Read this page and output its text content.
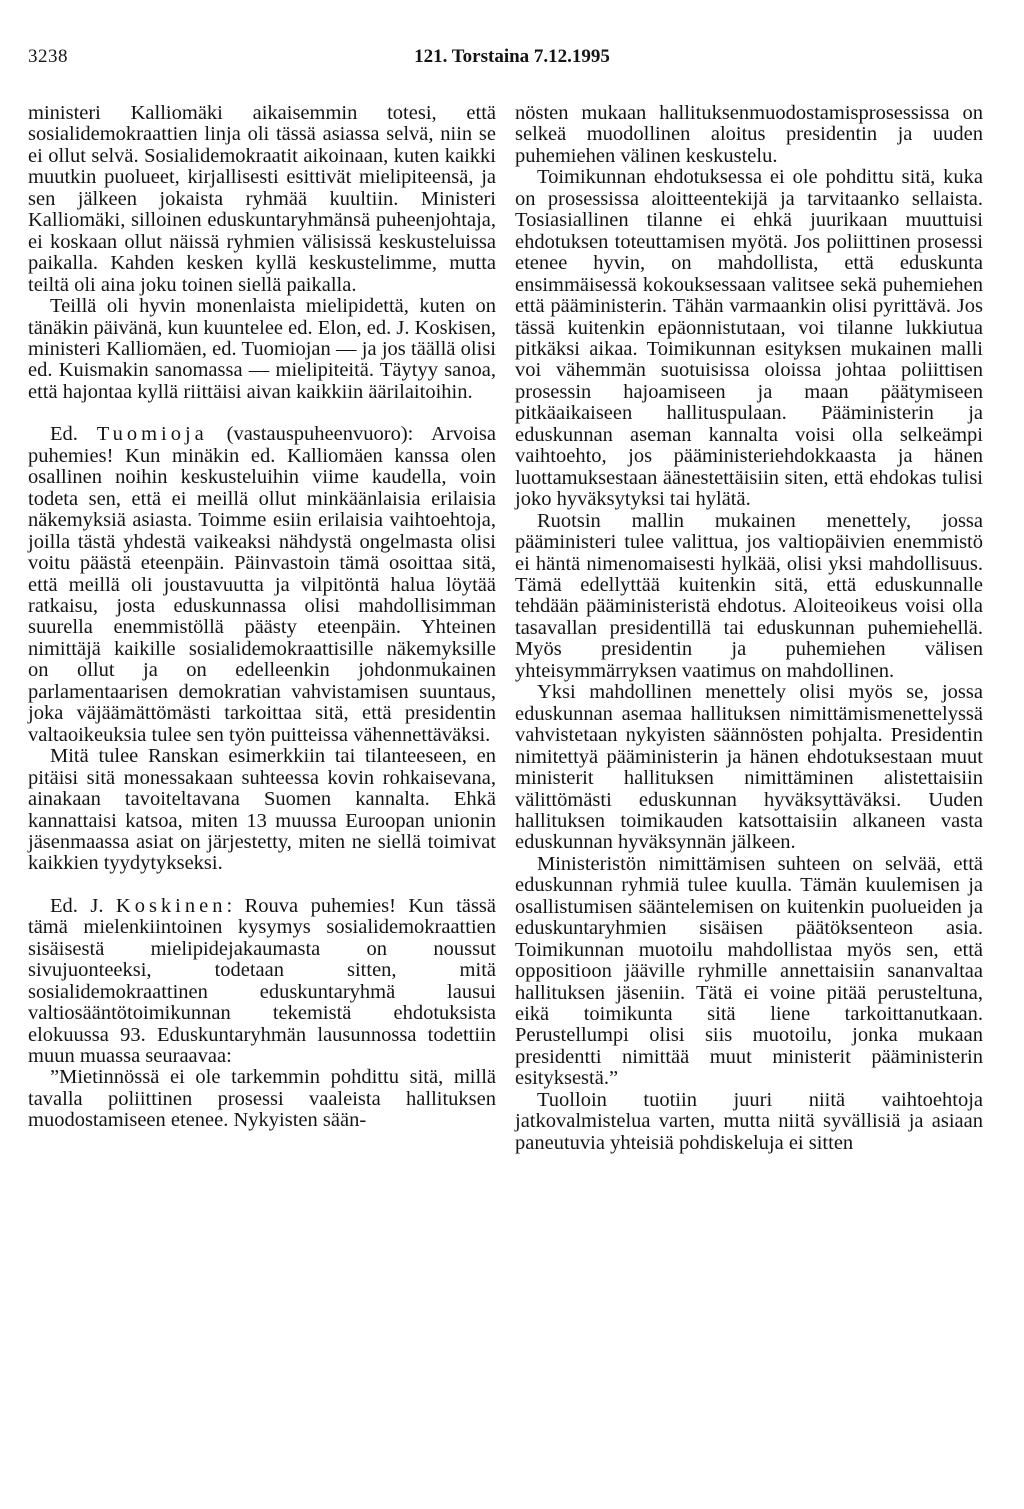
3238	121. Torstaina 7.12.1995

ministeri Kalliomäki aikaisemmin totesi, että sosialidemokraattien linja oli tässä asiassa selvä, niin se ei ollut selvä. Sosialidemokraatit aikoinaan, kuten kaikki muutkin puolueet, kirjallisesti esittivät mielipiteensä, ja sen jälkeen jokaista ryhmää kuultiin. Ministeri Kalliomäki, silloinen eduskuntaryhmänsä puheenjohtaja, ei koskaan ollut näissä ryhmien välisissä keskusteluissa paikalla. Kahden kesken kyllä keskustelimme, mutta teiltä oli aina joku toinen siellä paikalla.

Teillä oli hyvin monenlaista mielipidettä, kuten on tänäkin päivänä, kun kuuntelee ed. Elon, ed. J. Koskisen, ministeri Kalliomäen, ed. Tuomiojan — ja jos täällä olisi ed. Kuismakin sanomassa — mielipiteitä. Täytyy sanoa, että hajontaa kyllä riittäisi aivan kaikkiin äärilaitoihin.

Ed. Tuomioja (vastauspuheenvuoro): Arvoisa puhemies! Kun minäkin ed. Kalliomäen kanssa olen osallinen noihin keskusteluihin viime kaudella, voin todeta sen, että ei meillä ollut minkäänlaisia erilaisia näkemyksiä asiasta. Toimme esiin erilaisia vaihtoehtoja, joilla tästä yhdestä vaikeaksi nähdystä ongelmasta olisi voitu päästä eteenpäin. Päinvastoin tämä osoittaa sitä, että meillä oli joustavuutta ja vilpitöntä halua löytää ratkaisu, josta eduskunnassa olisi mahdollisimman suurella enemmistöllä päästy eteenpäin. Yhteinen nimittäjä kaikille sosialidemokraattisille näkemyksille on ollut ja on edelleenkin johdonmukainen parlamentaarisen demokratian vahvistamisen suuntaus, joka väjäämättömästi tarkoittaa sitä, että presidentin valtaoikeuksia tulee sen työn puitteissa vähennettäväksi.

Mitä tulee Ranskan esimerkkiin tai tilanteeseen, en pitäisi sitä monessakaan suhteessa kovin rohkaisevana, ainakaan tavoiteltavana Suomen kannalta. Ehkä kannattaisi katsoa, miten 13 muussa Euroopan unionin jäsenmaassa asiat on järjestetty, miten ne siellä toimivat kaikkien tyydytykseksi.

Ed. J. Koskinen: Rouva puhemies! Kun tässä tämä mielenkiintoinen kysymys sosialidemokraattien sisäisestä mielipidejakaumasta on noussut sivujuonteeksi, todetaan sitten, mitä sosialidemokraattinen eduskuntaryhmä lausui valtiosääntötoimikunnan tekemistä ehdotuksista elokuussa 93. Eduskuntaryhmän lausunnossa todettiin muun muassa seuraavaa:

”Mietinnössä ei ole tarkemmin pohdittu sitä, millä tavalla poliittinen prosessi vaaleista hallituksen muodostamiseen etenee. Nykyisten sään-

nösten mukaan hallituksenmuodostamisprosessissa on selkeä muodollinen aloitus presidentin ja uuden puhemiehen välinen keskustelu.

Toimikunnan ehdotuksessa ei ole pohdittu sitä, kuka on prosessissa aloitteentekijä ja tarvitaanko sellaista. Tosiasiallinen tilanne ei ehkä juurikaan muuttuisi ehdotuksen toteuttamisen myötä. Jos poliittinen prosessi etenee hyvin, on mahdollista, että eduskunta ensimmäisessä kokouksessaan valitsee sekä puhemiehen että pääministerin. Tähän varmaankin olisi pyrittävä. Jos tässä kuitenkin epäonnistutaan, voi tilanne lukkiutua pitkäksi aikaa. Toimikunnan esityksen mukainen malli voi vähemmän suotuisissa oloissa johtaa poliittisen prosessin hajoamiseen ja maan päätymiseen pitkäaikaiseen hallituspulaan. Pääministerin ja eduskunnan aseman kannalta voisi olla selkeämpi vaihtoehto, jos pääministeriehdokkaasta ja hänen luottamuksestaan äänestettäisiin siten, että ehdokas tulisi joko hyväksytyksi tai hylätä.

Ruotsin mallin mukainen menettely, jossa pääministeri tulee valittua, jos valtiopäivien enemmistö ei häntä nimenomaisesti hylkää, olisi yksi mahdollisuus. Tämä edellyttää kuitenkin sitä, että eduskunnalle tehdään pääministeristä ehdotus. Aloiteoikeus voisi olla tasavallan presidentillä tai eduskunnan puhemiehellä. Myös presidentin ja puhemiehen välisen yhteisymmärryksen vaatimus on mahdollinen.

Yksi mahdollinen menettely olisi myös se, jossa eduskunnan asemaa hallituksen nimittämismenettelyssä vahvistetaan nykyisten säännösten pohjalta. Presidentin nimitettyä pääministerin ja hänen ehdotuksestaan muut ministerit hallituksen nimittäminen alistettaisiin välittömästi eduskunnan hyväksyttäväksi. Uuden hallituksen toimikauden katsottaisiin alkaneen vasta eduskunnan hyväksynnän jälkeen.

Ministeristön nimittämisen suhteen on selvää, että eduskunnan ryhmiä tulee kuulla. Tämän kuulemisen ja osallistumisen sääntelemisen on kuitenkin puolueiden ja eduskuntaryhmien sisäisen päätöksenteon asia. Toimikunnan muotoilu mahdollistaa myös sen, että oppositioon jääville ryhmille annettaisiin sananvaltaa hallituksen jäseniin. Tätä ei voine pitää perusteltuna, eikä toimikunta sitä liene tarkoittanutkaan. Perustellumpi olisi siis muotoilu, jonka mukaan presidentti nimittää muut ministerit pääministerin esityksestä.”

Tuolloin tuotiin juuri niitä vaihtoehtoja jatkovalmistelua varten, mutta niitä syvällisiä ja asiaan paneutuvia yhteisiä pohdiskeluja ei sitten
